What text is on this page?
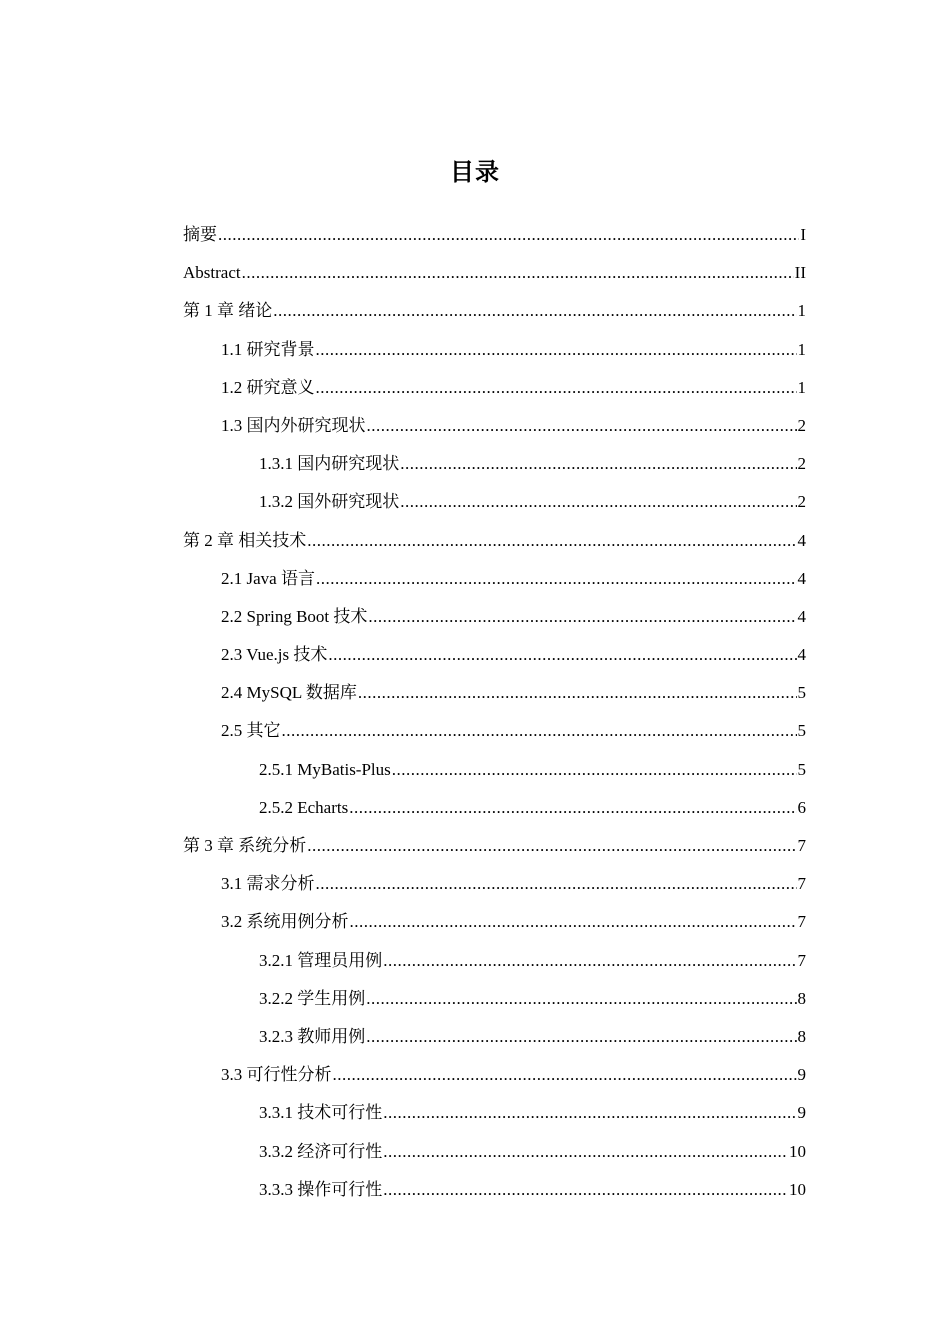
目录
摘要 .....	I
Abstract .....	II
第 1 章 绪论 .....	1
1.1 研究背景 .....	1
1.2 研究意义 .....	1
1.3 国内外研究现状 .....	2
1.3.1 国内研究现状 .....	2
1.3.2 国外研究现状 .....	2
第 2 章 相关技术 .....	4
2.1 Java 语言 .....	4
2.2 Spring Boot 技术 .....	4
2.3 Vue.js 技术 .....	4
2.4 MySQL 数据库 .....	5
2.5 其它 .....	5
2.5.1 MyBatis-Plus .....	5
2.5.2 Echarts .....	6
第 3 章 系统分析 .....	7
3.1 需求分析 .....	7
3.2 系统用例分析 .....	7
3.2.1 管理员用例 .....	7
3.2.2 学生用例 .....	8
3.2.3 教师用例 .....	8
3.3 可行性分析 .....	9
3.3.1 技术可行性 .....	9
3.3.2 经济可行性 .....	10
3.3.3 操作可行性 .....	10
